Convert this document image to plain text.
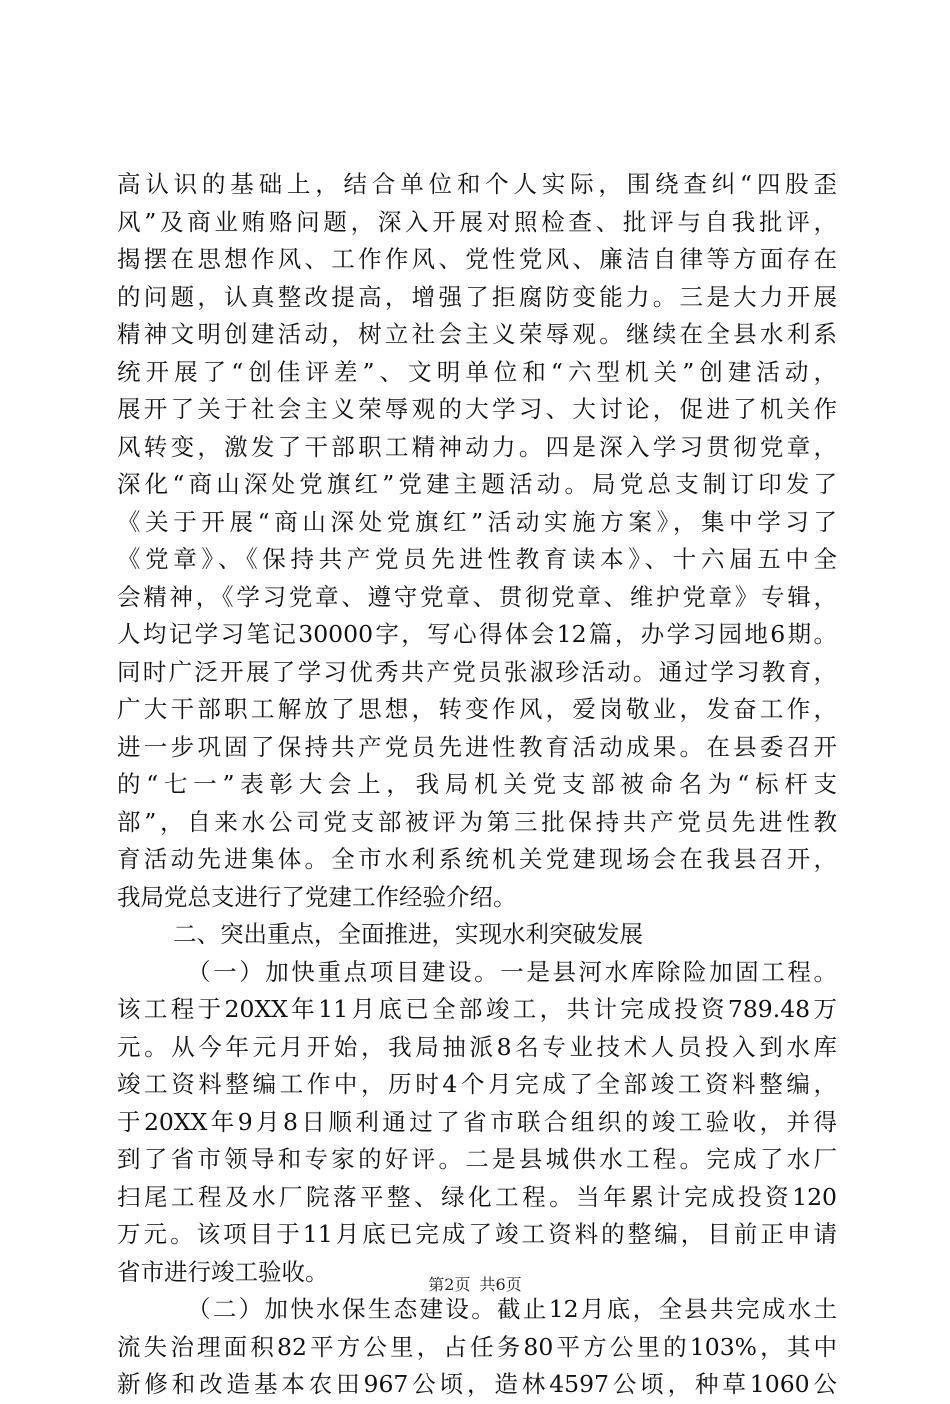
高认识的基础上，结合单位和个人实际，围绕查纠“四股歪
风”及商业贿赂问题，深入开展对照检查、批评与自我批评，
揭摆在思想作风、工作作风、党性党风、廉洁自律等方面存在
的问题，认真整改提高，增强了拒腐防变能力。三是大力开展
精神文明创建活动，树立社会主义荣辱观。继续在全县水利系
统开展了“创佳评差”、文明单位和“六型机关”创建活动，
展开了关于社会主义荣辱观的大学习、大讨论，促进了机关作
风转变，激发了干部职工精神动力。四是深入学习贯彻党章，
深化“商山深处党旗红”党建主题活动。局党总支制订印发了
《关于开展“商山深处党旗红”活动实施方案》，集中学习了
《党章》、《保持共产党员先进性教育读本》、十六届五中全
会精神，《学习党章、遵守党章、贯彻党章、维护党章》专辑，
人均记学习笔记30000字，写心得体会12篇，办学习园地6期。
同时广泛开展了学习优秀共产党员张淑珍活动。通过学习教育，
广大干部职工解放了思想，转变作风，爱岗敬业，发奋工作，
进一步巩固了保持共产党员先进性教育活动成果。在县委召开
的“七一”表彰大会上，我局机关党支部被命名为“标杆支
部”，自来水公司党支部被评为第三批保持共产党员先进性教
育活动先进集体。全市水利系统机关党建现场会在我县召开，
我局党总支进行了党建工作经验介绍。
二、突出重点，全面推进，实现水利突破发展
（一）加快重点项目建设。一是县河水库除险加固工程。
该工程于20XX年11月底已全部竣工，共计完成投资789.48万
元。从今年元月开始，我局抽派8名专业技术人员投入到水库
竣工资料整编工作中，历时4个月完成了全部竣工资料整编，
于20XX年9月8日顺利通过了省市联合组织的竣工验收，并得
到了省市领导和专家的好评。二是县城供水工程。完成了水厂
扫尾工程及水厂院落平整、绿化工程。当年累计完成投资120
万元。该项目于11月底已完成了竣工资料的整编，目前正申请
省市进行竣工验收。
（二）加快水保生态建设。截止12月底，全县共完成水土
流失治理面积82平方公里，占任务80平方公里的103%，其中
新修和改造基本农田967公顷，造林4597公顷，种草1060公
第2页 共6页
